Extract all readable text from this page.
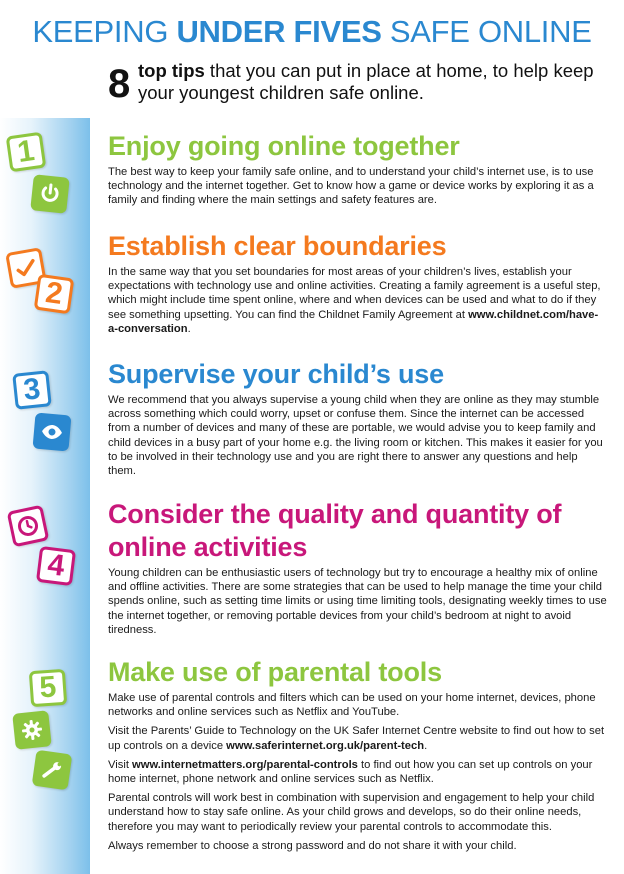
KEEPING UNDER FIVES SAFE ONLINE
1
2
3
4
5
8 top tips that you can put in place at home, to help keep your youngest children safe online.
Enjoy going online together

The best way to keep your family safe online, and to understand your child’s internet use, is to use technology and the internet together. Get to know how a game or device works by exploring it as a family and finding where the main settings and safety features are.

Establish clear boundaries

In the same way that you set boundaries for most areas of your children’s lives, establish your expectations with technology use and online activities. Creating a family agreement is a useful step, which might include time spent online, where and when devices can be used and what to do if they see something upsetting. You can find the Childnet Family Agreement at www.childnet.com/have-a-conversation.

Supervise your child’s use

We recommend that you always supervise a young child when they are online as they may stumble across something which could worry, upset or confuse them. Since the internet can be accessed from a number of devices and many of these are portable, we would advise you to keep family and child devices in a busy part of your home e.g. the living room or kitchen. This makes it easier for you to be involved in their technology use and you are right there to answer any questions and help them.

Consider the quality and quantity of
online activities

Young children can be enthusiastic users of technology but try to encourage a healthy mix of online and offline activities. There are some strategies that can be used to help manage the time your child spends online, such as setting time limits or using time limiting tools, designating weekly times to use the internet together, or removing portable devices from your child’s bedroom at night to avoid tiredness.

Make use of parental tools

Make use of parental controls and filters which can be used on your home internet, devices, phone networks and online services such as Netflix and YouTube.

Visit the Parents’ Guide to Technology on the UK Safer Internet Centre website to find out how to set up controls on a device www.saferinternet.org.uk/parent-tech.

Visit www.internetmatters.org/parental-controls to find out how you can set up controls on your home internet, phone network and online services such as Netflix.

Parental controls will work best in combination with supervision and engagement to help your child understand how to stay safe online. As your child grows and develops, so do their online needs, therefore you may want to periodically review your parental controls to accommodate this.

Always remember to choose a strong password and do not share it with your child.
